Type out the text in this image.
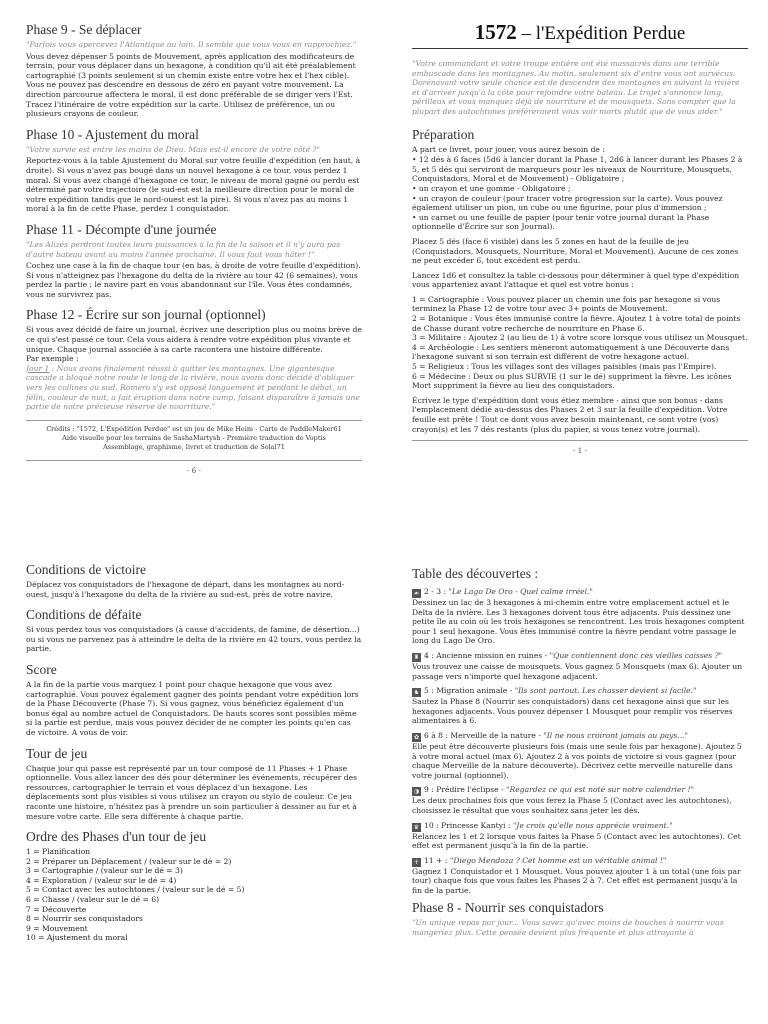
Phase 9 - Se déplacer
"Parfois vous apercevez l'Atlantique au loin. Il semble que vous vous en rapprochiez."
Vous devez dépenser 5 points de Mouvement, après application des modificateurs de terrain, pour vous déplacer dans un hexagone, à condition qu'il ait été préalablement cartographié (3 points seulement si un chemin existe entre votre hex et l'hex cible). Vous ne pouvez pas descendre en dessous de zéro en payant votre mouvement. La direction parcourue affectera le moral, il est donc préférable de se diriger vers l'Est. Tracez l'itinéraire de votre expédition sur la carte. Utilisez de préférence, un ou plusieurs crayons de couleur.
Phase 10 - Ajustement du moral
"Votre survie est entre les mains de Dieu. Mais est-il encore de votre côté ?"
Reportez-vous à la table Ajustement du Moral sur votre feuille d'expédition (en haut, à droite). Si vous n'avez pas bougé dans un nouvel hexagone à ce tour, vous perdez 1 moral. Si vous avez changé d'hexagone ce tour, le niveau de moral gagné ou perdu est déterminé par votre trajectoire (le sud-est est la meilleure direction pour le moral de votre expédition tandis que le nord-ouest est la pire). Si vous n'avez pas au moins 1 moral à la fin de cette Phase, perdez 1 conquistador.
Phase 11 - Décompte d'une journée
"Les Alizés perdront toutes leurs puissances à la fin de la saison et il n'y aura pas d'autre bateau avant au moins l'année prochaine. Il vous faut vous hâter !"
Cochez une case à la fin de chaque tour (en bas, à droite de votre feuille d'expédition). Si vous n'atteignez pas l'hexagone du delta de la rivière au tour 42 (6 semaines), vous perdez la partie ; le navire part en vous abandonnant sur l'île. Vous êtes condamnés, vous ne survivrez pas.
Phase 12 - Écrire sur son journal (optionnel)
Si vous avez décidé de faire un journal, écrivez une description plus ou moins brève de ce qui s'est passé ce tour. Cela vous aidera à rendre votre expédition plus vivante et unique. Chaque journal associée à sa carte racontera une histoire différente.
Par exemple :
Jour 1 : Nous avons finalement réussi à quitter les montagnes. Une gigantesque cascade a bloqué notre route le long de la rivière, nous avons donc décidé d'obliquer vers les collines au sud. Romero s'y est opposé longuement et pendant le débat, un félin, couleur de nuit, a fait éruption dans notre camp, faisant disparaître à jamais une partie de notre précieuse réserve de nourriture."
Crédits : "1572, L'Expédition Perdue" est un jeu de Mike Heim - Carte de PaddleMaker61
Aide visuelle pour les terrains de SashaMartysh - Première traduction de Voptis
Assemblage, graphisme, livret et traduction de Solal71
- 6 -
1572 – l'Expédition Perdue
"Votre commandant et votre troupe entière ont été massacrés dans une terrible embuscade dans les montagnes. Au matin, seulement six d'entre vous ont survécus. Dorénavant votre seule chance est de descendre des montagnes en suivant la rivière et d'arriver jusqu'à la côte pour rejoindre votre bateau. Le trajet s'annonce long, périlleux et vous manquez déjà de nourriture et de mousquets. Sans compter que la plupart des autochtones préféreraient vous voir morts plutôt que de vous aider."
Préparation
A part ce livret, pour jouer, vous aurez besoin de :
• 12 dés à 6 faces (5d6 à lancer durant la Phase 1, 2d6 à lancer durant les Phases 2 à 5, et 5 dés qui serviront de marqueurs pour les niveaux de Nourriture, Mousquets, Conquistadors, Moral et de Mouvement) - Obligatoire ;
• un crayon et une gomme - Obligatoire ;
• un crayon de couleur (pour tracer votre progression sur la carte). Vous pouvez également utiliser un pion, un cube ou une figurine, pour plus d'immersion ;
• un carnet ou une feuille de papier (pour tenir votre journal durant la Phase optionnelle d'Écrire sur son Journal).
Placez 5 dés (face 6 visible) dans les 5 zones en haut de la feuille de jeu (Conquistadors, Mousquets, Nourriture, Moral et Mouvement). Aucune de ces zones ne peut excéder 6, tout excédent est perdu.
Lancez 1d6 et consultez la table ci-dessous pour déterminer à quel type d'expédition vous apparteniez avant l'attaque et quel est votre bonus :
1 = Cartographie : Vous pouvez placer un chemin une fois par hexagone si vous terminez la Phase 12 de votre tour avec 3+ points de Mouvement.
2 = Botanique : Vous êtes immunisé contre la fièvre. Ajoutez 1 à votre total de points de Chasse durant votre recherche de nourriture en Phase 6.
3 = Militaire : Ajoutez 2 (au lieu de 1) à votre score lorsque vous utilisez un Mousquet.
4 = Archéologie : Les sentiers mèneront automatiquement à une Découverte dans l'hexagone suivant si son terrain est différent de votre hexagone actuel.
5 = Religieux : Tous les villages sont des villages paisibles (mais pas l'Empire).
6 = Médecine : Deux ou plus SURVIE (1 sur le dé) suppriment la fièvre. Les icônes Mort suppriment la fièvre au lieu des conquistadors.
Écrivez le type d'expédition dont vous étiez membre - ainsi que son bonus - dans l'emplacement dédié au-dessus des Phases 2 et 3 sur la feuille d'expédition. Votre feuille est prête ! Tout ce dont vous avez besoin maintenant, ce sont votre (vos) crayon(s) et les 7 dés restants (plus du papier, si vous tenez votre journal).
- 1 -
Conditions de victoire
Déplacez vos conquistadors de l'hexagone de départ, dans les montagnes au nord-ouest, jusqu'à l'hexagone du delta de la rivière au sud-est, près de votre navire.
Conditions de défaite
Si vous perdez tous vos conquistadors (à cause d'accidents, de famine, de désertion...) ou si vous ne parvenez pas à atteindre le delta de la rivière en 42 tours, vous perdez la partie.
Score
A la fin de la partie vous marquez 1 point pour chaque hexagone que vous avez cartographié. Vous pouvez également gagner des points pendant votre expédition lors de la Phase Découverte (Phase 7). Si vous gagnez, vous bénéficiez également d'un bonus égal au nombre actuel de Conquistadors. De hauts scores sont possibles même si la partie est perdue, mais vous pouvez décider de ne compter les points qu'en cas de victoire. A vous de voir.
Tour de jeu
Chaque jour qui passe est représenté par un tour composé de 11 Phases + 1 Phase optionnelle. Vous allez lancer des dés pour déterminer les événements, récupérer des ressources, cartographier le terrain et vous déplacez d'un hexagone. Les déplacements sont plus visibles si vous utilisez un crayon ou stylo de couleur. Ce jeu raconte une histoire, n'hésitez pas à prendre un soin particulier à dessiner au fur et à mesure votre carte. Elle sera différente à chaque partie.
Ordre des Phases d'un tour de jeu
1 = Planification
2 = Préparer un Déplacement / (valeur sur le dé = 2)
3 = Cartographie / (valeur sur le dé = 3)
4 = Exploration / (valeur sur le dé = 4)
5 = Contact avec les autochtones / (valeur sur le dé = 5)
6 = Chasse / (valeur sur le dé = 6)
7 = Découverte
8 = Nourrir ses conquistadors
9 = Mouvement
10 = Ajustement du moral
Table des découvertes :
☙ 2 - 3 : "Le Lago De Oro - Quel calme irréel."
Dessinez un lac de 3 hexagones à mi-chemin entre votre emplacement actuel et le Delta de la rivière. Les 3 hexagones doivent tous être adjacents. Puis dessinez une petite île au coin où les trois hexagones se rencontrent. Les trois hexagones comptent pour 1 seul hexagone. Vous êtes immunisé contre la fièvre pendant votre passage le long du Lago De Oro.
♜ 4 : Ancienne mission en ruines - "Que contiennent donc ces vieilles caisses ?"
Vous trouvez une caisse de mousquets. Vous gagnez 5 Mousquets (max 6). Ajouter un passage vers n'importe quel hexagone adjacent.
♞ 5 : Migration animale - "Ils sont partout. Les chasser devient si facile."
Sautez la Phase 8 (Nourrir ses conquistadors) dans cet hexagone ainsi que sur les hexagones adjacents. Vous pouvez dépenser 1 Mousquet pour remplir vos réserves alimentaires à 6.
✿ 6 à 8 : Merveille de la nature - "Il ne nous croiront jamais au pays..."
Elle peut être découverte plusieurs fois (mais une seule fois par hexagone). Ajoutez 5 à votre moral actuel (max 6). Ajoutez 2 à vos points de victoire si vous gagnez (pour chaque Merveille de la nature découverte). Décrivez cette merveille naturelle dans votre journal (optionnel).
◑ 9 : Prédire l'éclipse - "Regardez ce qui est noté sur notre calendrier !"
Les deux prochaines fois que vous ferez la Phase 5 (Contact avec les autochtones), choisissez le résultat que vous souhaitez sans jeter les dés.
♛ 10 : Princesse Kantyi : "Je crois qu'elle nous apprécie vraiment."
Relancez les 1 et 2 lorsque vous faites la Phase 5 (Contact avec les autochtones). Cet effet est permanent jusqu'à la fin de la partie.
☥ 11 + : "Diego Mendoza ? Cet homme est un véritable animal !"
Gagnez 1 Conquistador et 1 Mousquet. Vous pouvez ajouter 1 à un total (une fois par tour) chaque fois que vous faites les Phases 2 à 7. Cet effet est permanent jusqu'à la fin de la partie.
Phase 8 - Nourrir ses conquistadors
"Un unique repas par jour... Vous savez qu'avec moins de bouches à nourrir vous mangeriez plus. Cette pensée devient plus fréquente et plus attrayante à
